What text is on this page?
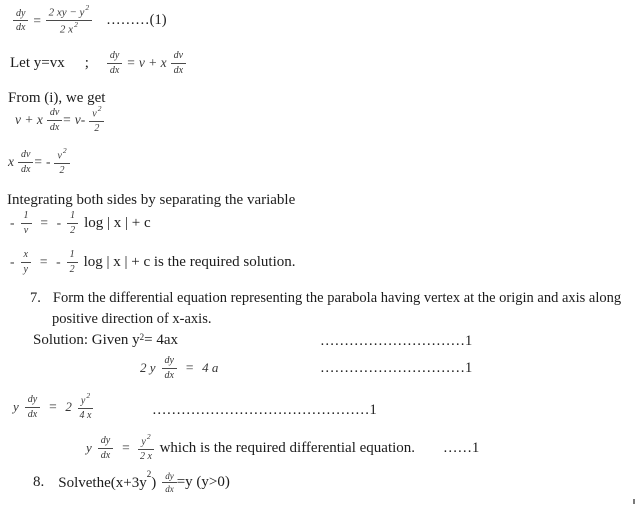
$\frac{dy}{dx} = \frac{2 xy - y^2}{2 x^2}$ ………(1)
Let y=vx ; $\frac{dy}{dx} = v + x \frac{dv}{dx}$
From (i), we get
v + x $\frac{dv}{dx} = v- \frac{v^2}{2}$
x $\frac{dv}{dx}$ = - $\frac{v^2}{2}$
Integrating both sides by separating the variable
- $\frac{1}{v}$ = - $\frac{1}{2}$ log | x | + c
- $\frac{x}{y}$ = - $\frac{1}{2}$ log | x | + c is the required solution.
7. Form the differential equation representing the parabola having vertex at the origin and axis along
positive direction of x-axis.
Solution: Given $y^2 = 4ax$	…………………………1
2 y $\frac{dy}{dx} = 4$ a	…………………………1
y $\frac{dy}{dx} = 2 \frac{y^2}{4 x}$	………………………………………1
y $\frac{dy}{dx} = \frac{y^2}{2 x}$ which is the required differential equation. ……1
8. $Solvethe(x+3y^2) \frac{dy}{dx} =y$ (y>0)
